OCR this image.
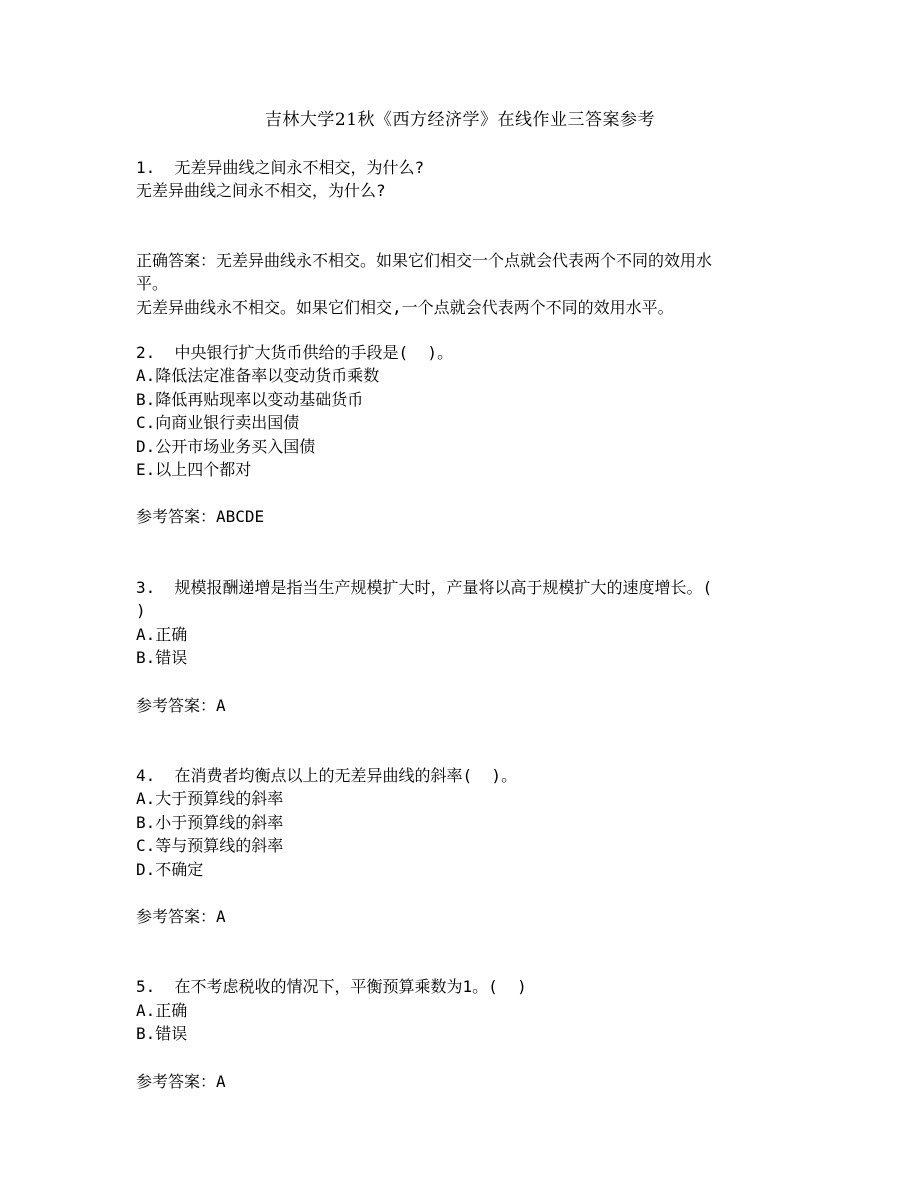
吉林大学21秋《西方经济学》在线作业三答案参考
1.  无差异曲线之间永不相交，为什么?
无差异曲线之间永不相交，为什么?
正确答案：无差异曲线永不相交。如果它们相交一个点就会代表两个不同的效用水
平。
无差异曲线永不相交。如果它们相交,一个点就会代表两个不同的效用水平。
2.  中央银行扩大货币供给的手段是(  )。
A.降低法定准备率以变动货币乘数
B.降低再贴现率以变动基础货币
C.向商业银行卖出国债
D.公开市场业务买入国债
E.以上四个都对
参考答案：ABCDE
3.  规模报酬递增是指当生产规模扩大时，产量将以高于规模扩大的速度增长。(
)
A.正确
B.错误
参考答案：A
4.  在消费者均衡点以上的无差异曲线的斜率(  )。
A.大于预算线的斜率
B.小于预算线的斜率
C.等与预算线的斜率
D.不确定
参考答案：A
5.  在不考虑税收的情况下，平衡预算乘数为1。(  )
A.正确
B.错误
参考答案：A
